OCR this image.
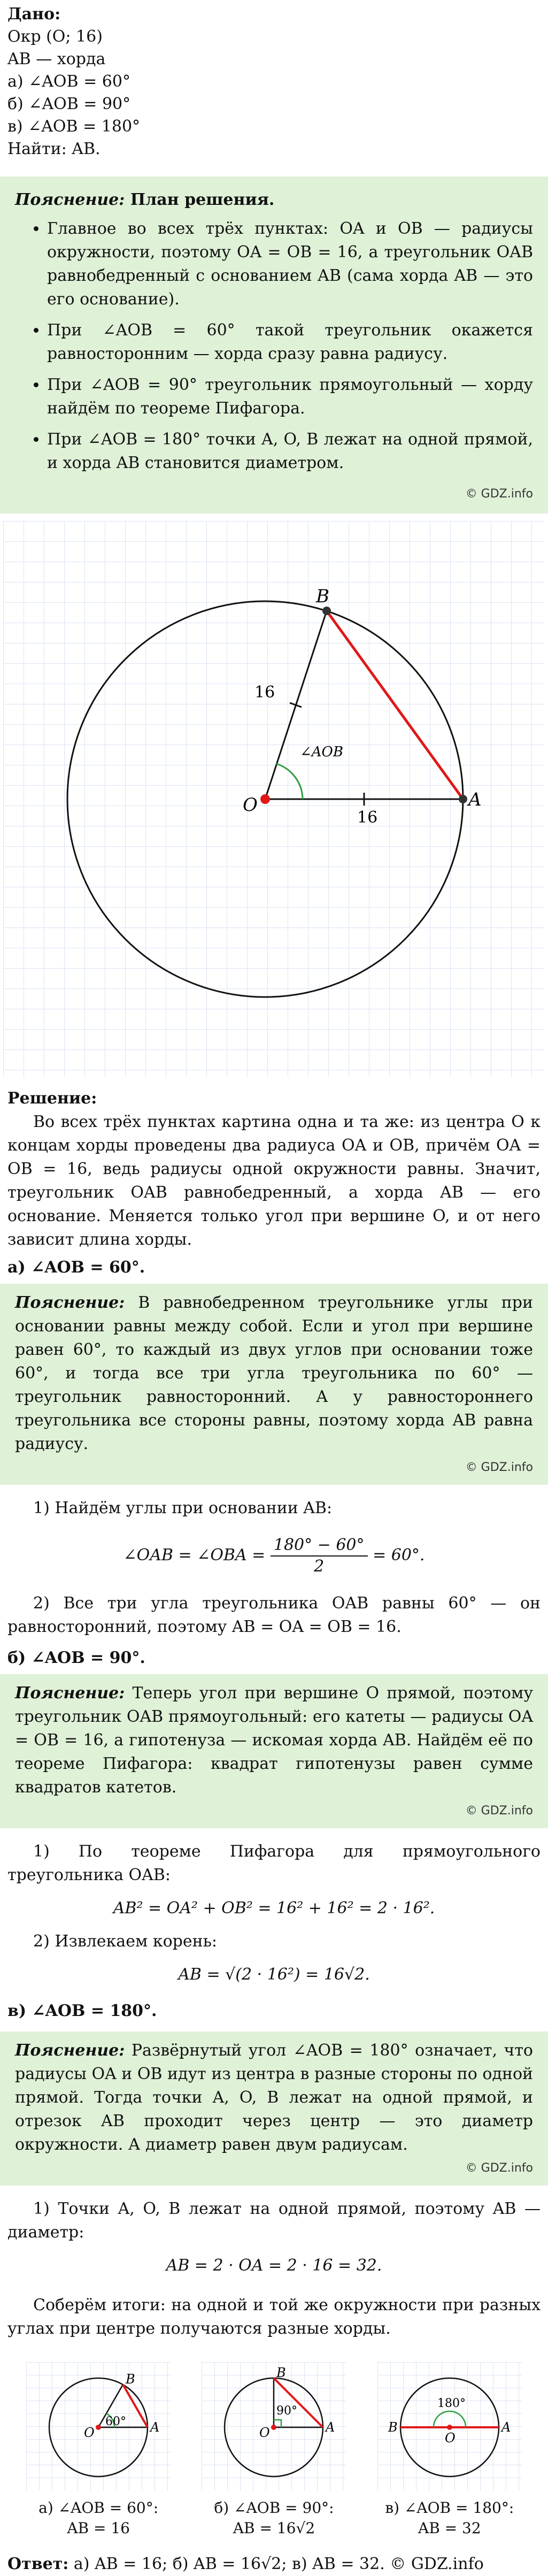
Дано:
Окр (O; 16)
AB — хорда
а) ∠AOB = 60°
б) ∠AOB = 90°
в) ∠AOB = 180°
Найти: AB.
Пояснение: План решения.
• Главное во всех трёх пунктах: OA и OB — радиусы окружности, поэтому OA = OB = 16, а треугольник OAB равнобедренный с основанием AB (сама хорда AB — это его основание).
• При ∠AOB = 60° такой треугольник окажется равносторонним — хорда сразу равна радиусу.
• При ∠AOB = 90° треугольник прямоугольный — хорду найдём по теореме Пифагора.
• При ∠AOB = 180° точки A, O, B лежат на одной прямой, и хорда AB становится диаметром.
© GDZ.info
B
A
O
16
16
∠AOB
Решение:
Во всех трёх пунктах картина одна и та же: из центра O к концам хорды проведены два радиуса OA и OB, причём OA = OB = 16, ведь радиусы одной окружности равны. Значит, треугольник OAB равнобедренный, а хорда AB — его основание. Меняется только угол при вершине O, и от него зависит длина хорды.
а) ∠AOB = 60°.
Пояснение: В равнобедренном треугольнике углы при основании равны между собой. Если и угол при вершине равен 60°, то каждый из двух углов при основании тоже 60°, и тогда все три угла треугольника по 60° — треугольник равносторонний. А у равностороннего треугольника все стороны равны, поэтому хорда AB равна радиусу.
© GDZ.info
1) Найдём углы при основании AB:
∠OAB = ∠OBA = $\frac{180^\circ - 60^\circ}{2} = 60^\circ$.
2) Все три угла треугольника OAB равны 60° — он равносторонний, поэтому AB = OA = OB = 16.
б) ∠AOB = 90°.
Пояснение: Теперь угол при вершине O прямой, поэтому треугольник OAB прямоугольный: его катеты — радиусы OA = OB = 16, а гипотенуза — искомая хорда AB. Найдём её по теореме Пифагора: квадрат гипотенузы равен сумме квадратов катетов.
© GDZ.info
1) По теореме Пифагора для прямоугольного треугольника OAB:
AB² = OA² + OB² = 16² + 16² = 2 · 16².
2) Извлекаем корень:
AB = √(2 · 16²) = 16√2.
в) ∠AOB = 180°.
Пояснение: Развёрнутый угол ∠AOB = 180° означает, что радиусы OA и OB идут из центра в разные стороны по одной прямой. Тогда точки A, O, B лежат на одной прямой, и отрезок AB проходит через центр — это диаметр окружности. А диаметр равен двум радиусам.
© GDZ.info
1) Точки A, O, B лежат на одной прямой, поэтому AB — диаметр:
AB = 2 · OA = 2 · 16 = 32.
Соберём итоги: на одной и той же окружности при разных углах при центре получаются разные хорды.
60°
B
A
O
а) ∠AOB = 60°:
AB = 16
90°
B
A
O
б) ∠AOB = 90°:
AB = 16√2
180°
B	A
O
в) ∠AOB = 180°:
AB = 32
Ответ: а) AB = 16; б) AB = 16√2; в) AB = 32. © GDZ.info
